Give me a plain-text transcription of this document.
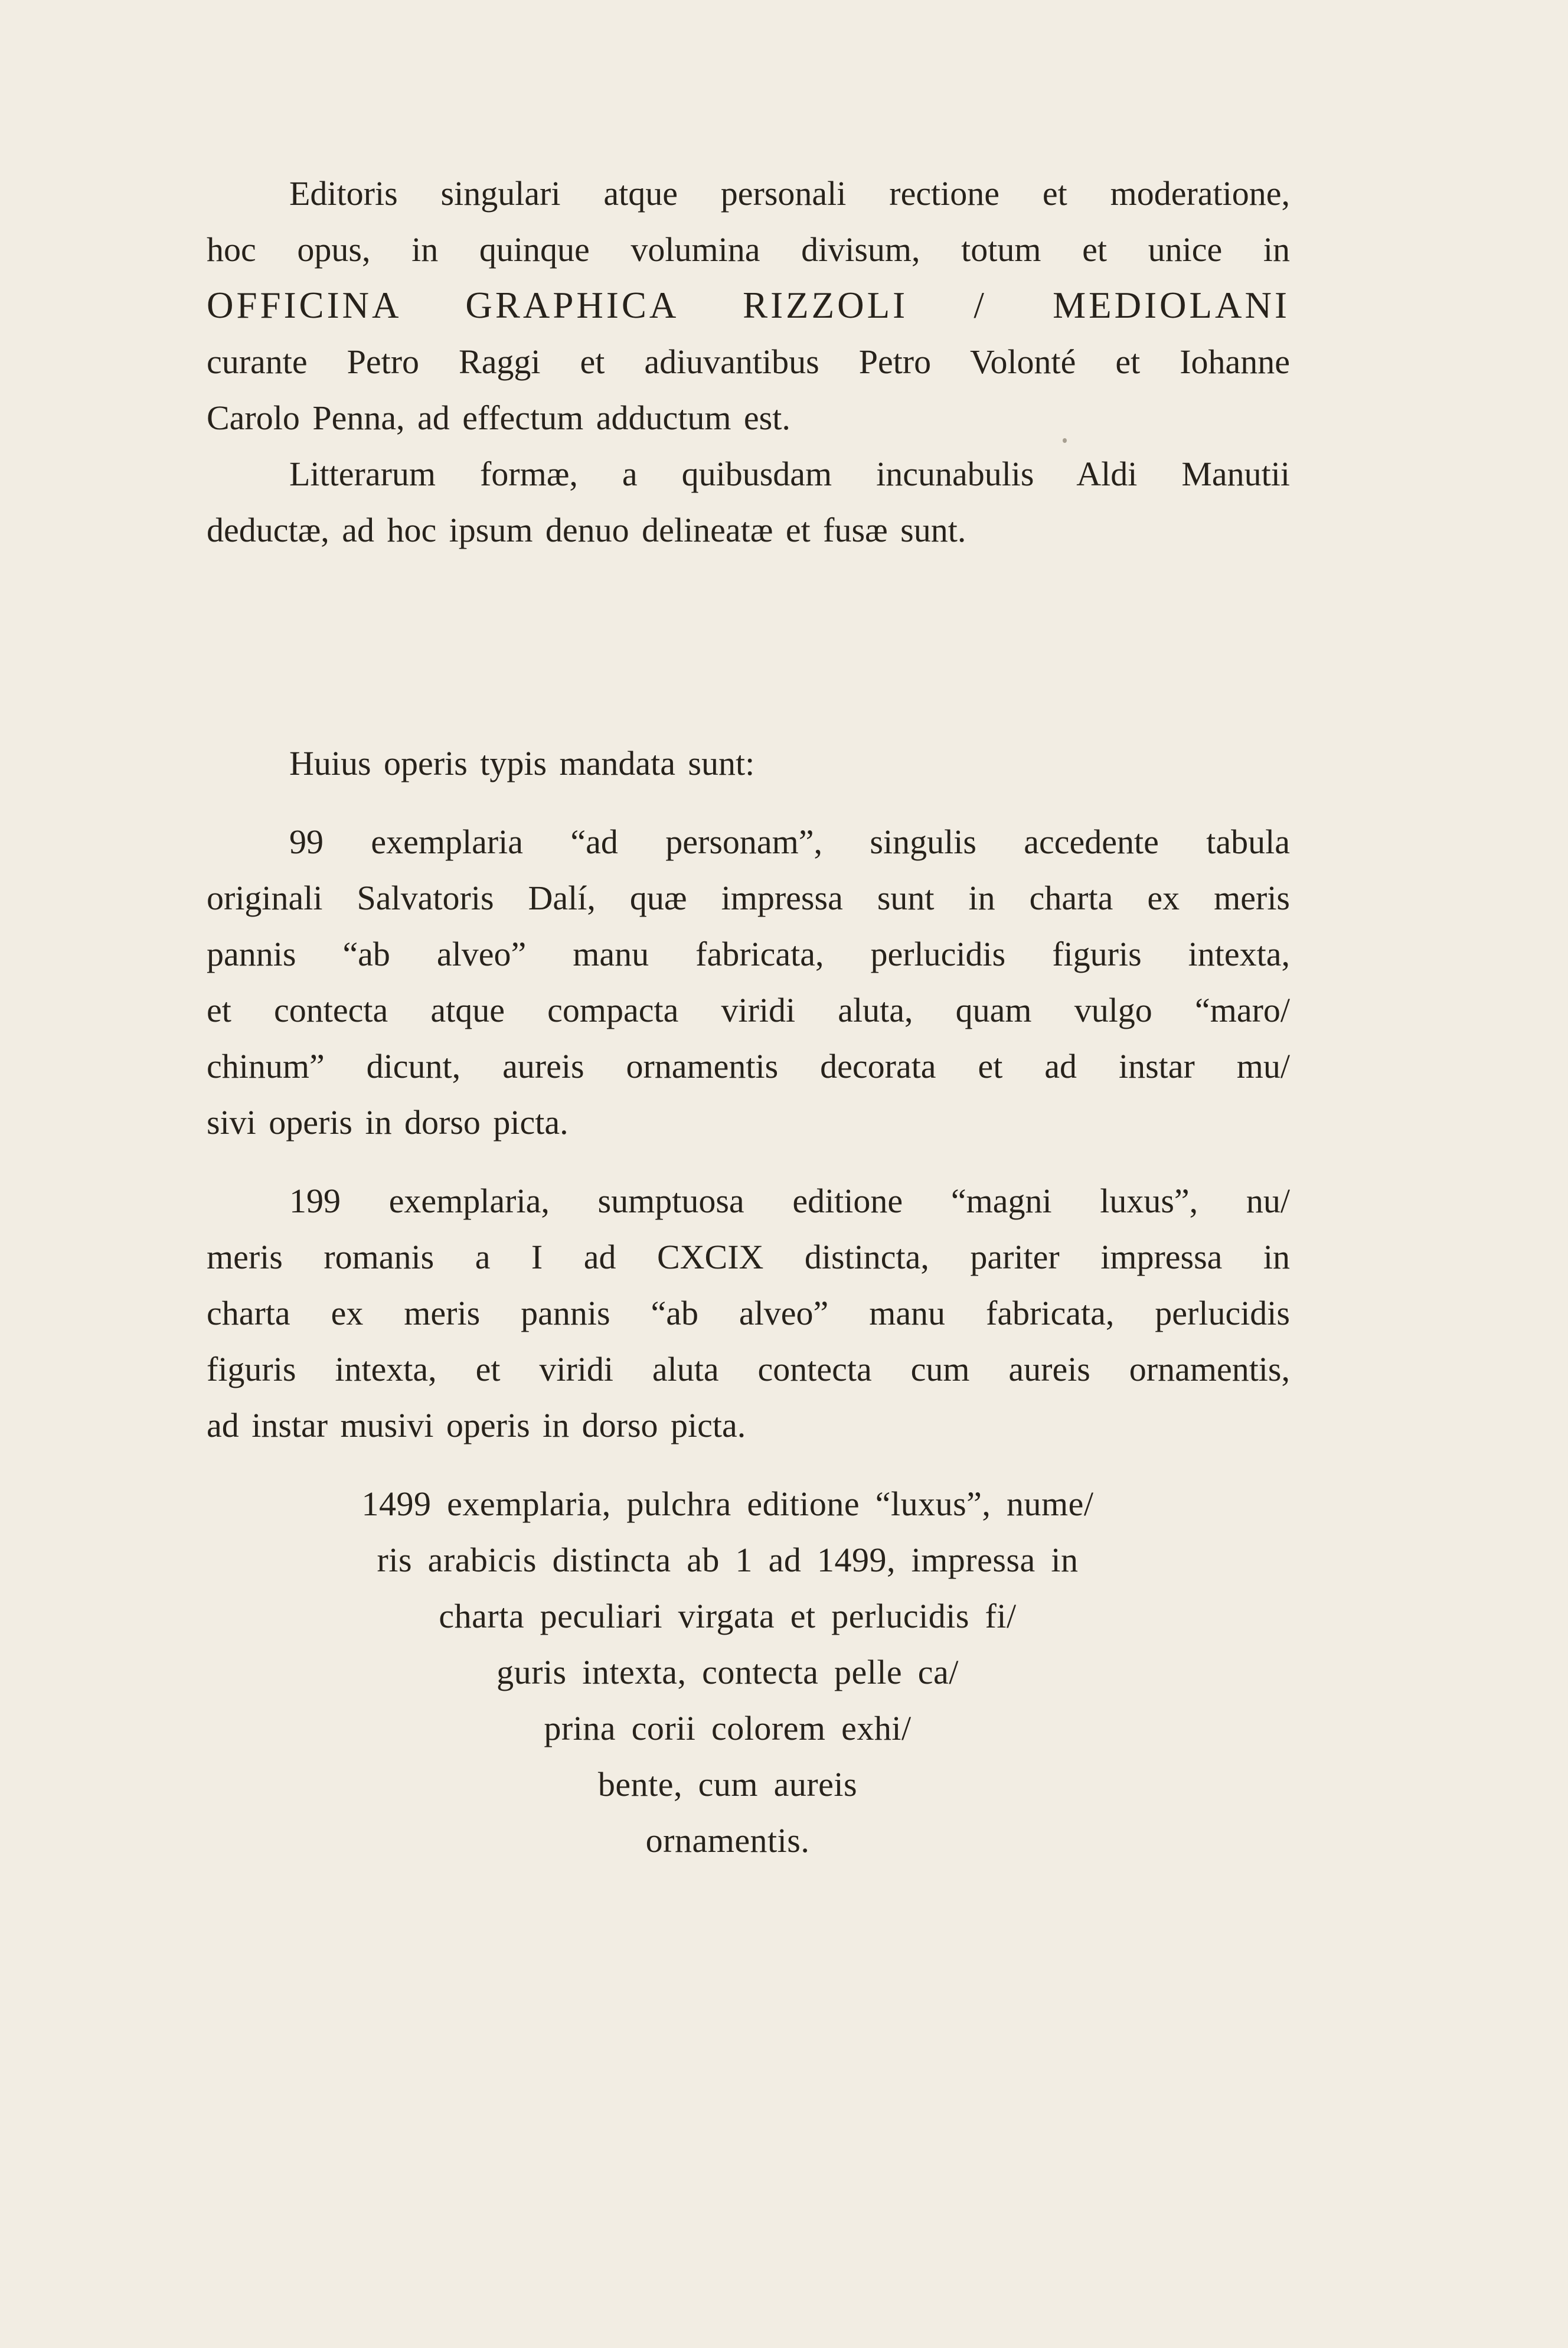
Editoris singulari atque personali rectione et moderatione,
hoc opus, in quinque volumina divisum, totum et unice in
OFFICINA GRAPHICA RIZZOLI / MEDIOLANI
curante Petro Raggi et adiuvantibus Petro Volonté et Iohanne
Carolo Penna, ad effectum adductum est.
Litterarum formæ, a quibusdam incunabulis Aldi Manutii
deductæ, ad hoc ipsum denuo delineatæ et fusæ sunt.
Huius operis typis mandata sunt:
99 exemplaria “ad personam”, singulis accedente tabula
originali Salvatoris Dalí, quæ impressa sunt in charta ex meris
pannis “ab alveo” manu fabricata, perlucidis figuris intexta,
et contecta atque compacta viridi aluta, quam vulgo “maro/
chinum” dicunt, aureis ornamentis decorata et ad instar mu/
sivi operis in dorso picta.
199 exemplaria, sumptuosa editione “magni luxus”, nu/
meris romanis a I ad CXCIX distincta, pariter impressa in
charta ex meris pannis “ab alveo” manu fabricata, perlucidis
figuris intexta, et viridi aluta contecta cum aureis ornamentis,
ad instar musivi operis in dorso picta.
1499 exemplaria, pulchra editione “luxus”, nume/
ris arabicis distincta ab 1 ad 1499, impressa in
charta peculiari virgata et perlucidis fi/
guris intexta, contecta pelle ca/
prina corii colorem exhi/
bente, cum aureis
ornamentis.
